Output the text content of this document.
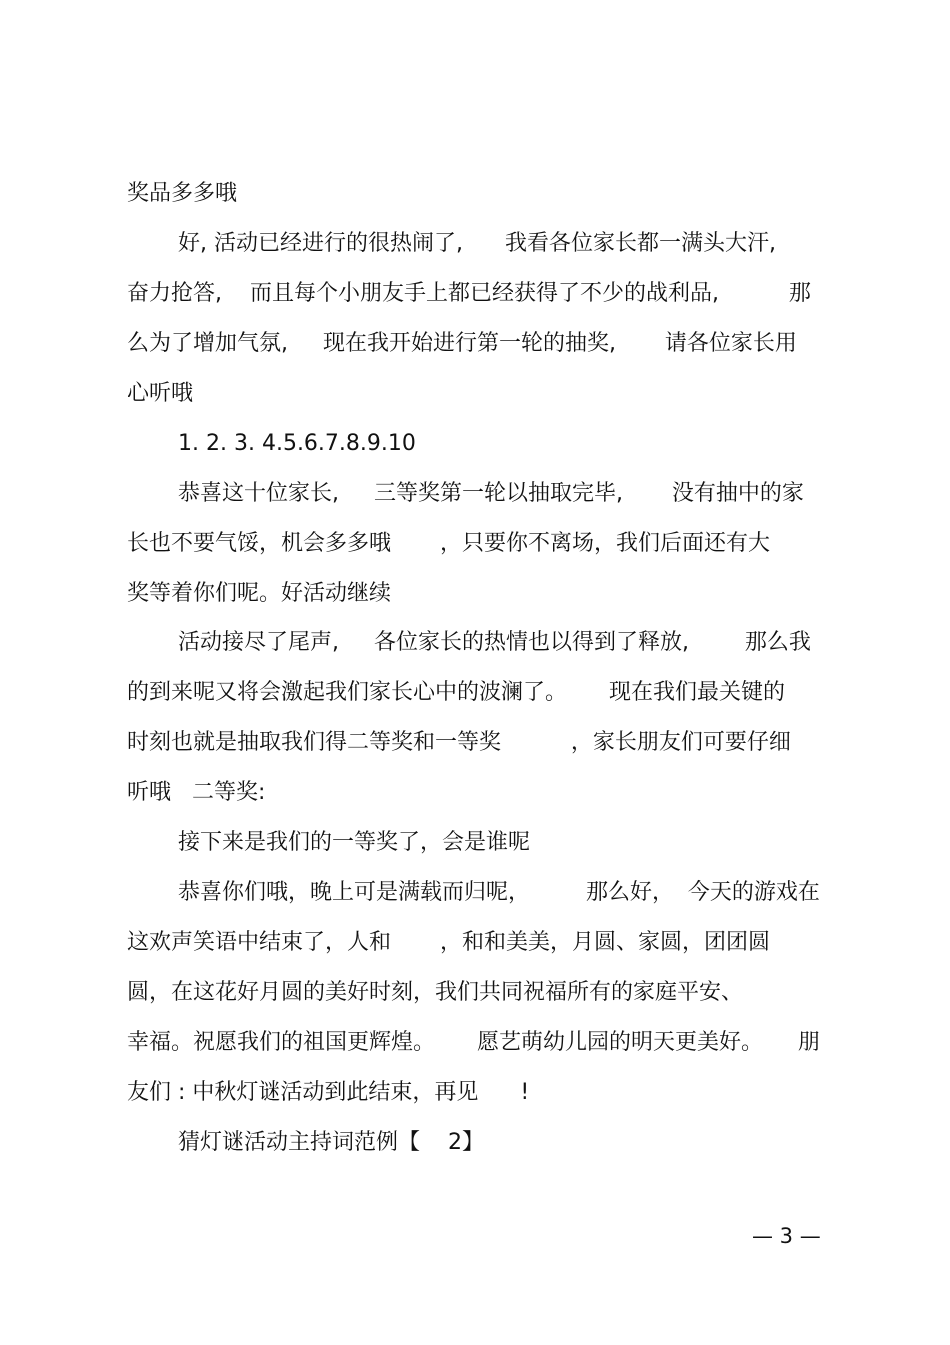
奖品多多哦
好, 活动已经进行的很热闹了,      我看各位家长都一满头大汗,
奋力抢答,    而且每个小朋友手上都已经获得了不少的战利品,          那
么为了增加气氛,     现在我开始进行第一轮的抽奖,       请各位家长用
心听哦
1. 2. 3. 4.5.6.7.8.9.10
恭喜这十位家长,     三等奖第一轮以抽取完毕,       没有抽中的家
长也不要气馁，机会多多哦       ，只要你不离场，我们后面还有大
奖等着你们呢。好活动继续
活动接尽了尾声,     各位家长的热情也以得到了释放,        那么我
的到来呢又将会激起我们家长心中的波澜了。      现在我们最关键的
时刻也就是抽取我们得二等奖和一等奖          ，家长朋友们可要仔细
听哦   二等奖:
接下来是我们的一等奖了，会是谁呢
恭喜你们哦，晚上可是满载而归呢，        那么好，  今天的游戏在
这欢声笑语中结束了，人和       ，和和美美，月圆、家圆，团团圆
圆，在这花好月圆的美好时刻，我们共同祝福所有的家庭平安、
幸福。祝愿我们的祖国更辉煌。      愿艺萌幼儿园的明天更美好。     朋
友们 : 中秋灯谜活动到此结束，再见      !
猜灯谜活动主持词范例【    2】
— 3 —
